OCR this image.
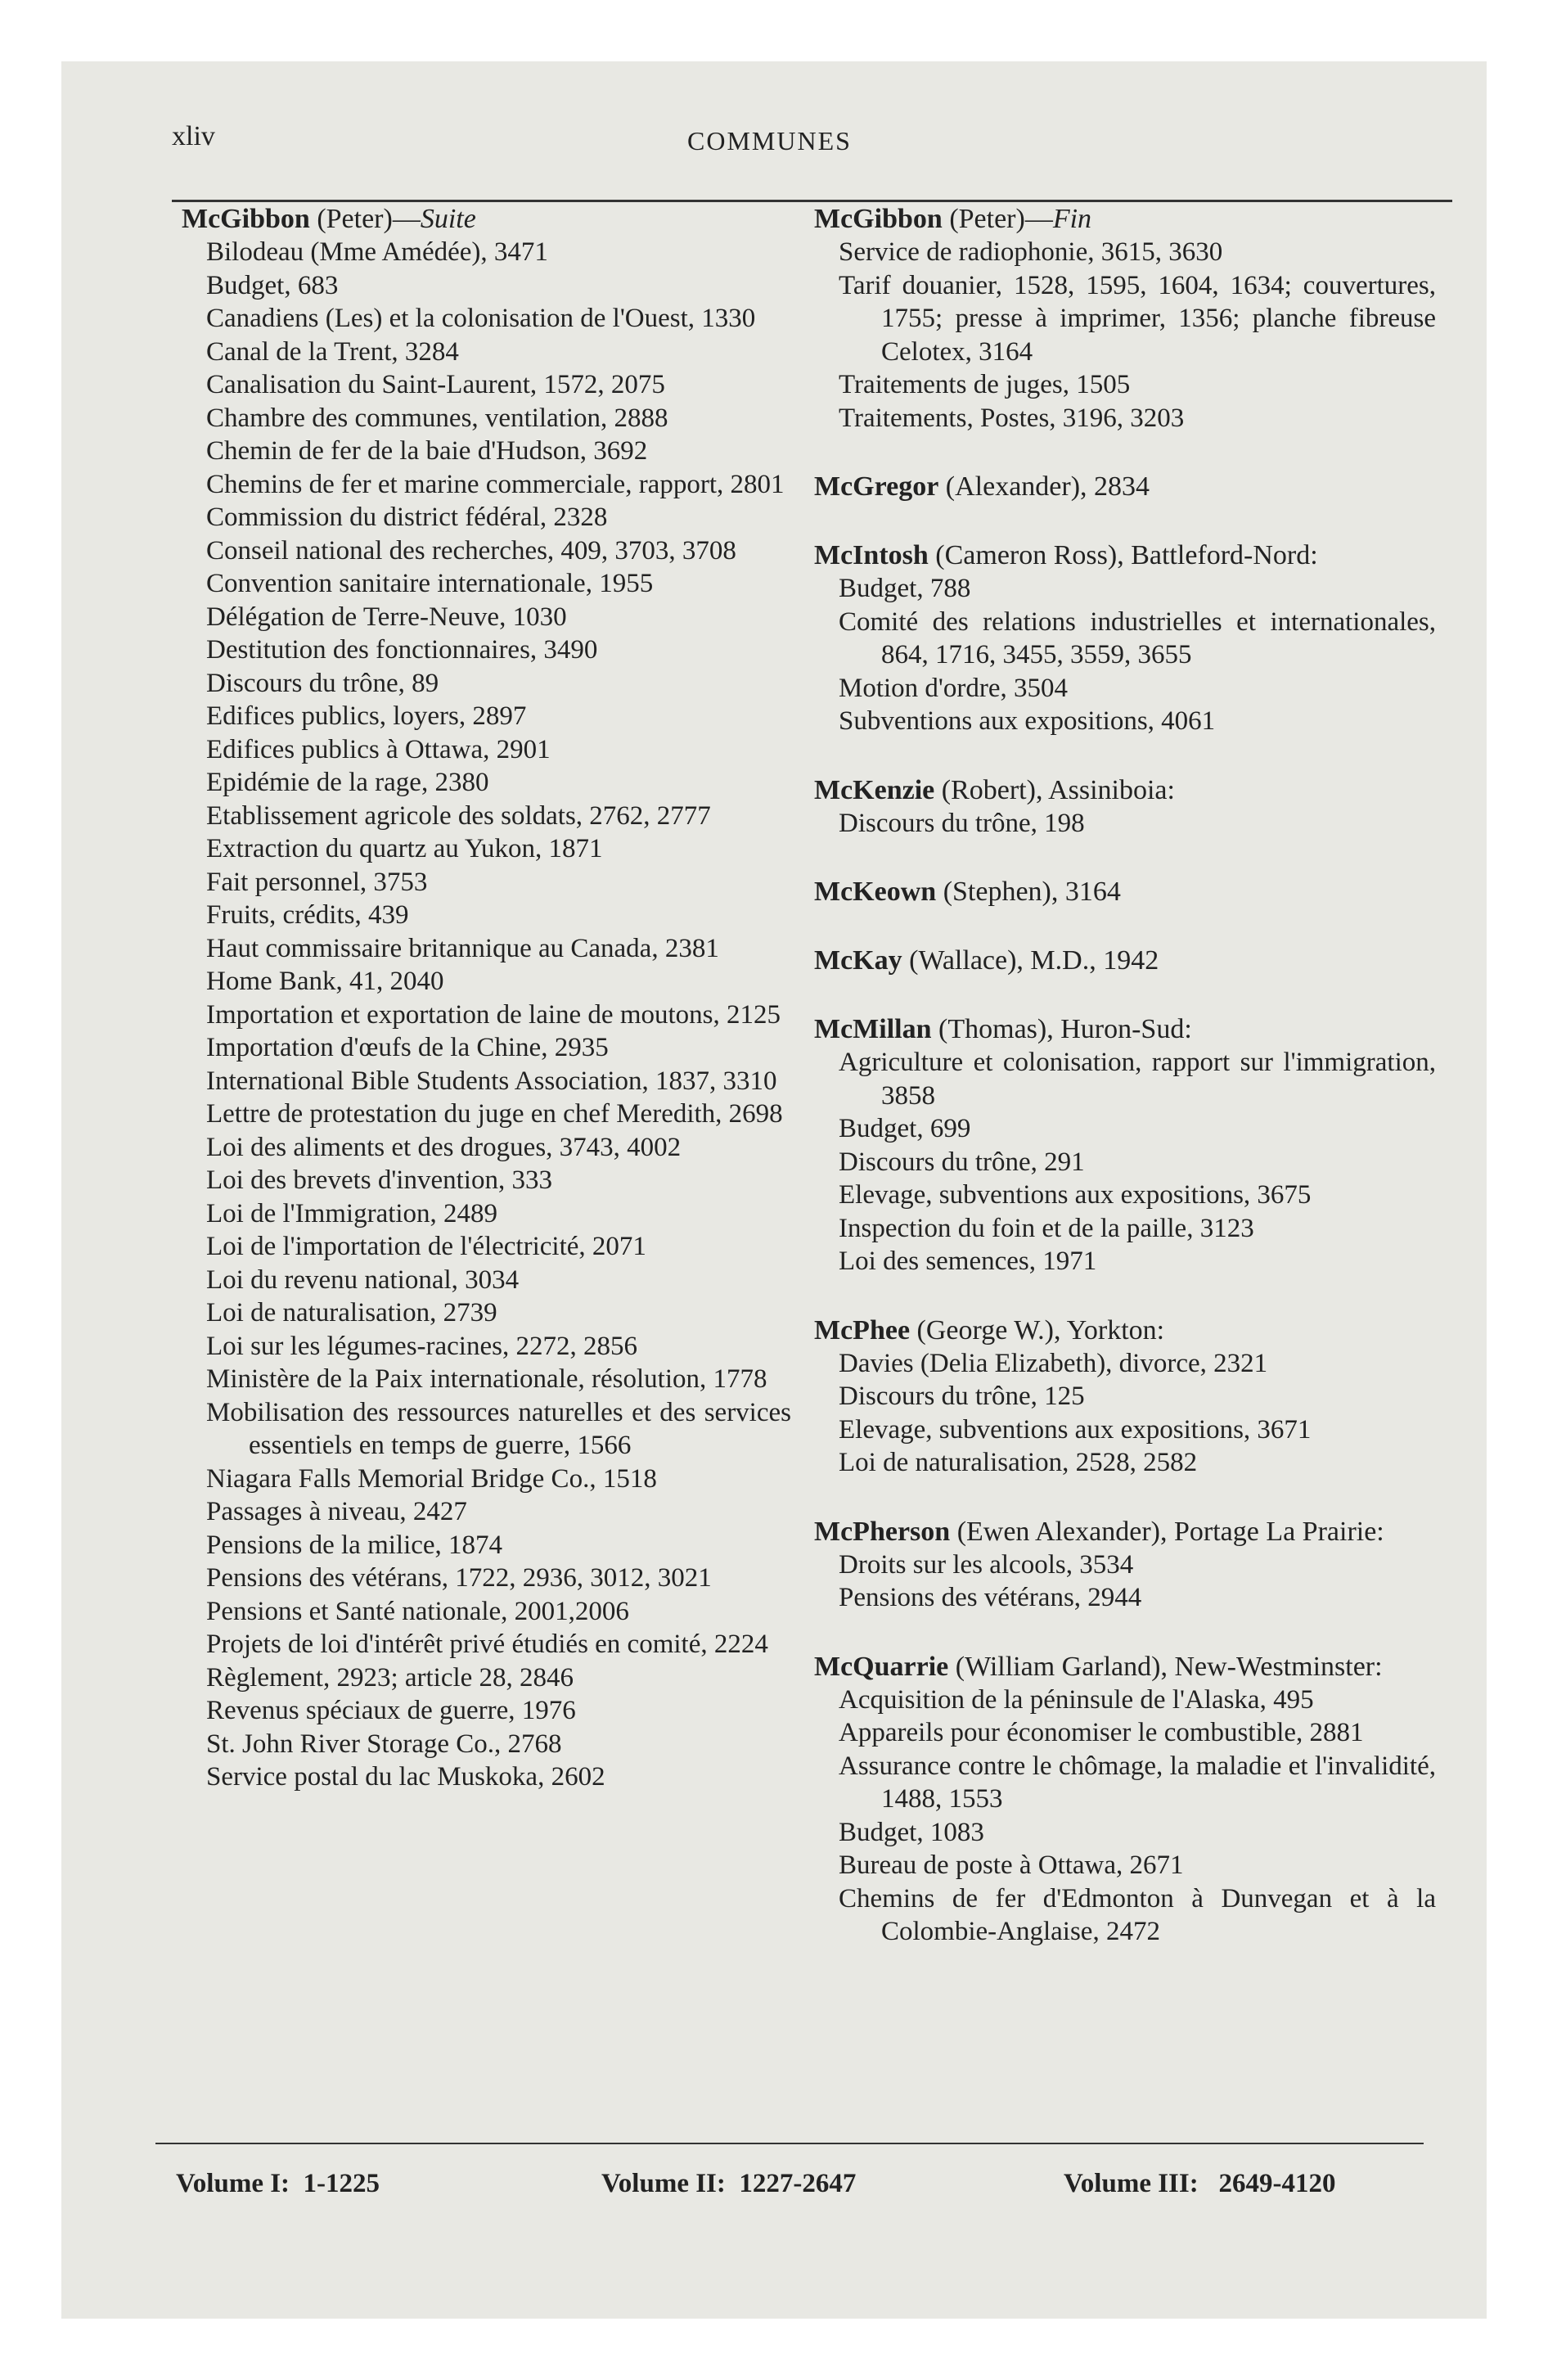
xliv	COMMUNES
McGibbon (Peter)—Suite
Bilodeau (Mme Amédée), 3471
Budget, 683
Canadiens (Les) et la colonisation de l'Ouest, 1330
Canal de la Trent, 3284
Canalisation du Saint-Laurent, 1572, 2075
Chambre des communes, ventilation, 2888
Chemin de fer de la baie d'Hudson, 3692
Chemins de fer et marine commerciale, rapport, 2801
Commission du district fédéral, 2328
Conseil national des recherches, 409, 3703, 3708
Convention sanitaire internationale, 1955
Délégation de Terre-Neuve, 1030
Destitution des fonctionnaires, 3490
Discours du trône, 89
Edifices publics, loyers, 2897
Edifices publics à Ottawa, 2901
Epidémie de la rage, 2380
Etablissement agricole des soldats, 2762, 2777
Extraction du quartz au Yukon, 1871
Fait personnel, 3753
Fruits, crédits, 439
Haut commissaire britannique au Canada, 2381
Home Bank, 41, 2040
Importation et exportation de laine de moutons, 2125
Importation d'œufs de la Chine, 2935
International Bible Students Association, 1837, 3310
Lettre de protestation du juge en chef Meredith, 2698
Loi des aliments et des drogues, 3743, 4002
Loi des brevets d'invention, 333
Loi de l'Immigration, 2489
Loi de l'importation de l'électricité, 2071
Loi du revenu national, 3034
Loi de naturalisation, 2739
Loi sur les légumes-racines, 2272, 2856
Ministère de la Paix internationale, résolution, 1778
Mobilisation des ressources naturelles et des services essentiels en temps de guerre, 1566
Niagara Falls Memorial Bridge Co., 1518
Passages à niveau, 2427
Pensions de la milice, 1874
Pensions des vétérans, 1722, 2936, 3012, 3021
Pensions et Santé nationale, 2001,2006
Projets de loi d'intérêt privé étudiés en comité, 2224
Règlement, 2923; article 28, 2846
Revenus spéciaux de guerre, 1976
St. John River Storage Co., 2768
Service postal du lac Muskoka, 2602
McGibbon (Peter)—Fin
Service de radiophonie, 3615, 3630
Tarif douanier, 1528, 1595, 1604, 1634; couvertures, 1755; presse à imprimer, 1356; planche fibreuse Celotex, 3164
Traitements de juges, 1505
Traitements, Postes, 3196, 3203
McGregor (Alexander), 2834
McIntosh (Cameron Ross), Battleford-Nord:
Budget, 788
Comité des relations industrielles et internationales, 864, 1716, 3455, 3559, 3655
Motion d'ordre, 3504
Subventions aux expositions, 4061
McKenzie (Robert), Assiniboia:
Discours du trône, 198
McKeown (Stephen), 3164
McKay (Wallace), M.D., 1942
McMillan (Thomas), Huron-Sud:
Agriculture et colonisation, rapport sur l'immigration, 3858
Budget, 699
Discours du trône, 291
Elevage, subventions aux expositions, 3675
Inspection du foin et de la paille, 3123
Loi des semences, 1971
McPhee (George W.), Yorkton:
Davies (Delia Elizabeth), divorce, 2321
Discours du trône, 125
Elevage, subventions aux expositions, 3671
Loi de naturalisation, 2528, 2582
McPherson (Ewen Alexander), Portage La Prairie:
Droits sur les alcools, 3534
Pensions des vétérans, 2944
McQuarrie (William Garland), New-Westminster:
Acquisition de la péninsule de l'Alaska, 495
Appareils pour économiser le combustible, 2881
Assurance contre le chômage, la maladie et l'invalidité, 1488, 1553
Budget, 1083
Bureau de poste à Ottawa, 2671
Chemins de fer d'Edmonton à Dunvegan et à la Colombie-Anglaise, 2472
Volume I: 1-1225	Volume II: 1227-2647	Volume III: 2649-4120
